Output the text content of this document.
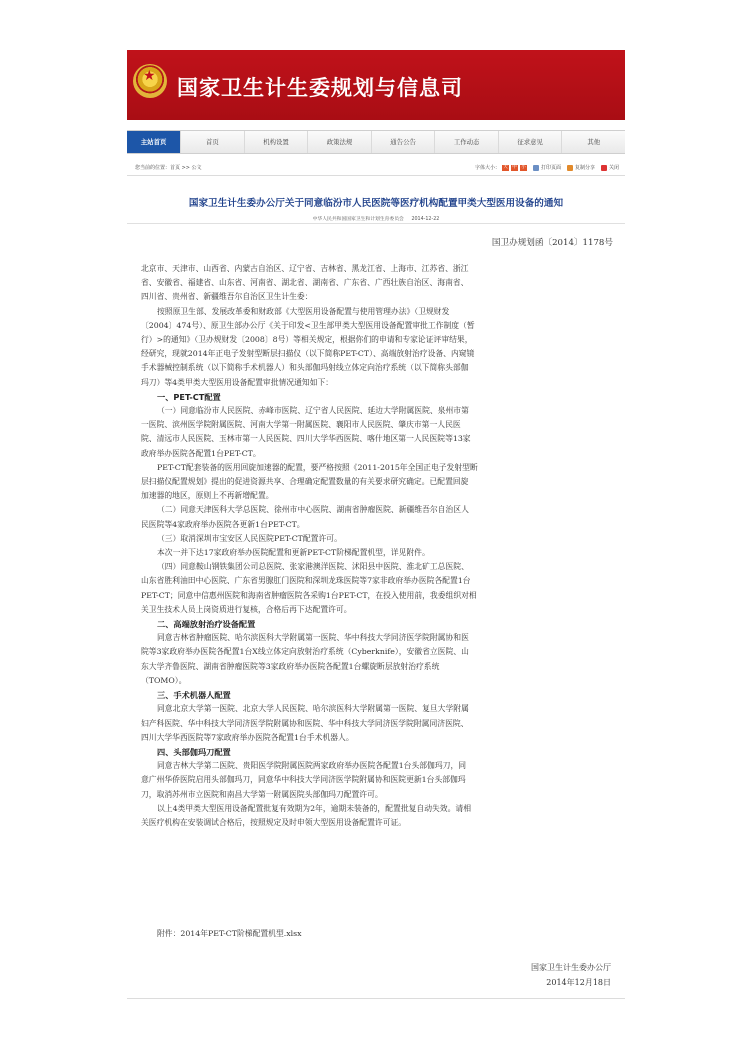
★
国家卫生计生委规划与信息司
主站首页	首页	机构设置	政策法规	通告公告	工作动态	征求意见	其他
您当前的位置：首页 >> 公文	字体大小： 大 中 小	打印页面	复制分享	关闭
国家卫生计生委办公厅关于同意临汾市人民医院等医疗机构配置甲类大型医用设备的通知
中华人民共和国国家卫生和计划生育委员会 2014-12-22
国卫办规划函〔2014〕1178号

北京市、天津市、山西省、内蒙古自治区、辽宁省、吉林省、黑龙江省、上海市、江苏省、浙江

省、安徽省、福建省、山东省、河南省、湖北省、湖南省、广东省、广西壮族自治区、海南省、

四川省、贵州省、新疆维吾尔自治区卫生计生委：

按照原卫生部、发展改革委和财政部《大型医用设备配置与使用管理办法》（卫规财发

〔2004〕474号）、原卫生部办公厅《关于印发<卫生部甲类大型医用设备配置审批工作制度（暂

行）>的通知》（卫办规财发〔2008〕8号）等相关规定，根据你们的申请和专家论证评审结果，

经研究，现就2014年正电子发射型断层扫描仪（以下简称PET-CT）、高端放射治疗设备、内窥镜

手术器械控制系统（以下简称手术机器人）和头部伽玛射线立体定向治疗系统（以下简称头部伽

玛刀）等4类甲类大型医用设备配置审批情况通知如下：

一、PET-CT配置

（一）同意临汾市人民医院、赤峰市医院、辽宁省人民医院、延边大学附属医院、泉州市第

一医院、滨州医学院附属医院、河南大学第一附属医院、襄阳市人民医院、肇庆市第一人民医

院、清远市人民医院、玉林市第一人民医院、四川大学华西医院、喀什地区第一人民医院等13家

政府举办医院各配置1台PET-CT。

PET-CT配套装备的医用回旋加速器的配置，要严格按照《2011-2015年全国正电子发射型断

层扫描仪配置规划》提出的促进资源共享、合理确定配置数量的有关要求研究确定。已配置回旋

加速器的地区，原则上不再新增配置。

（二）同意天津医科大学总医院、徐州市中心医院、湖南省肿瘤医院、新疆维吾尔自治区人

民医院等4家政府举办医院各更新1台PET-CT。

（三）取消深圳市宝安区人民医院PET-CT配置许可。

本次一并下达17家政府举办医院配置和更新PET-CT阶梯配置机型，详见附件。

（四）同意鞍山钢铁集团公司总医院、张家港澳洋医院、沭阳县中医院、淮北矿工总医院、

山东省胜利油田中心医院、广东省男腺肛门医院和深圳龙珠医院等7家非政府举办医院各配置1台

PET-CT；同意中信惠州医院和海南省肿瘤医院各采购1台PET-CT，在投入使用前，我委组织对相

关卫生技术人员上岗资质进行复核，合格后再下达配置许可。

二、高端放射治疗设备配置

同意吉林省肿瘤医院、哈尔滨医科大学附属第一医院、华中科技大学同济医学院附属协和医

院等3家政府举办医院各配置1台X线立体定向放射治疗系统（Cyberknife），安徽省立医院、山

东大学齐鲁医院、湖南省肿瘤医院等3家政府举办医院各配置1台螺旋断层放射治疗系统

（TOMO）。

三、手术机器人配置

同意北京大学第一医院、北京大学人民医院、哈尔滨医科大学附属第一医院、复旦大学附属

妇产科医院、华中科技大学同济医学院附属协和医院、华中科技大学同济医学院附属同济医院、

四川大学华西医院等7家政府举办医院各配置1台手术机器人。

四、头部伽玛刀配置

同意吉林大学第二医院、贵阳医学院附属医院两家政府举办医院各配置1台头部伽玛刀，同

意广州华侨医院启用头部伽玛刀，同意华中科技大学同济医学院附属协和医院更新1台头部伽玛

刀，取消苏州市立医院和南昌大学第一附属医院头部伽玛刀配置许可。

以上4类甲类大型医用设备配置批复有效期为2年，逾期未装备的，配置批复自动失效。请相

关医疗机构在安装调试合格后，按照规定及时申领大型医用设备配置许可证。

附件：2014年PET-CT阶梯配置机型.xlsx
国家卫生计生委办公厅
2014年12月18日
